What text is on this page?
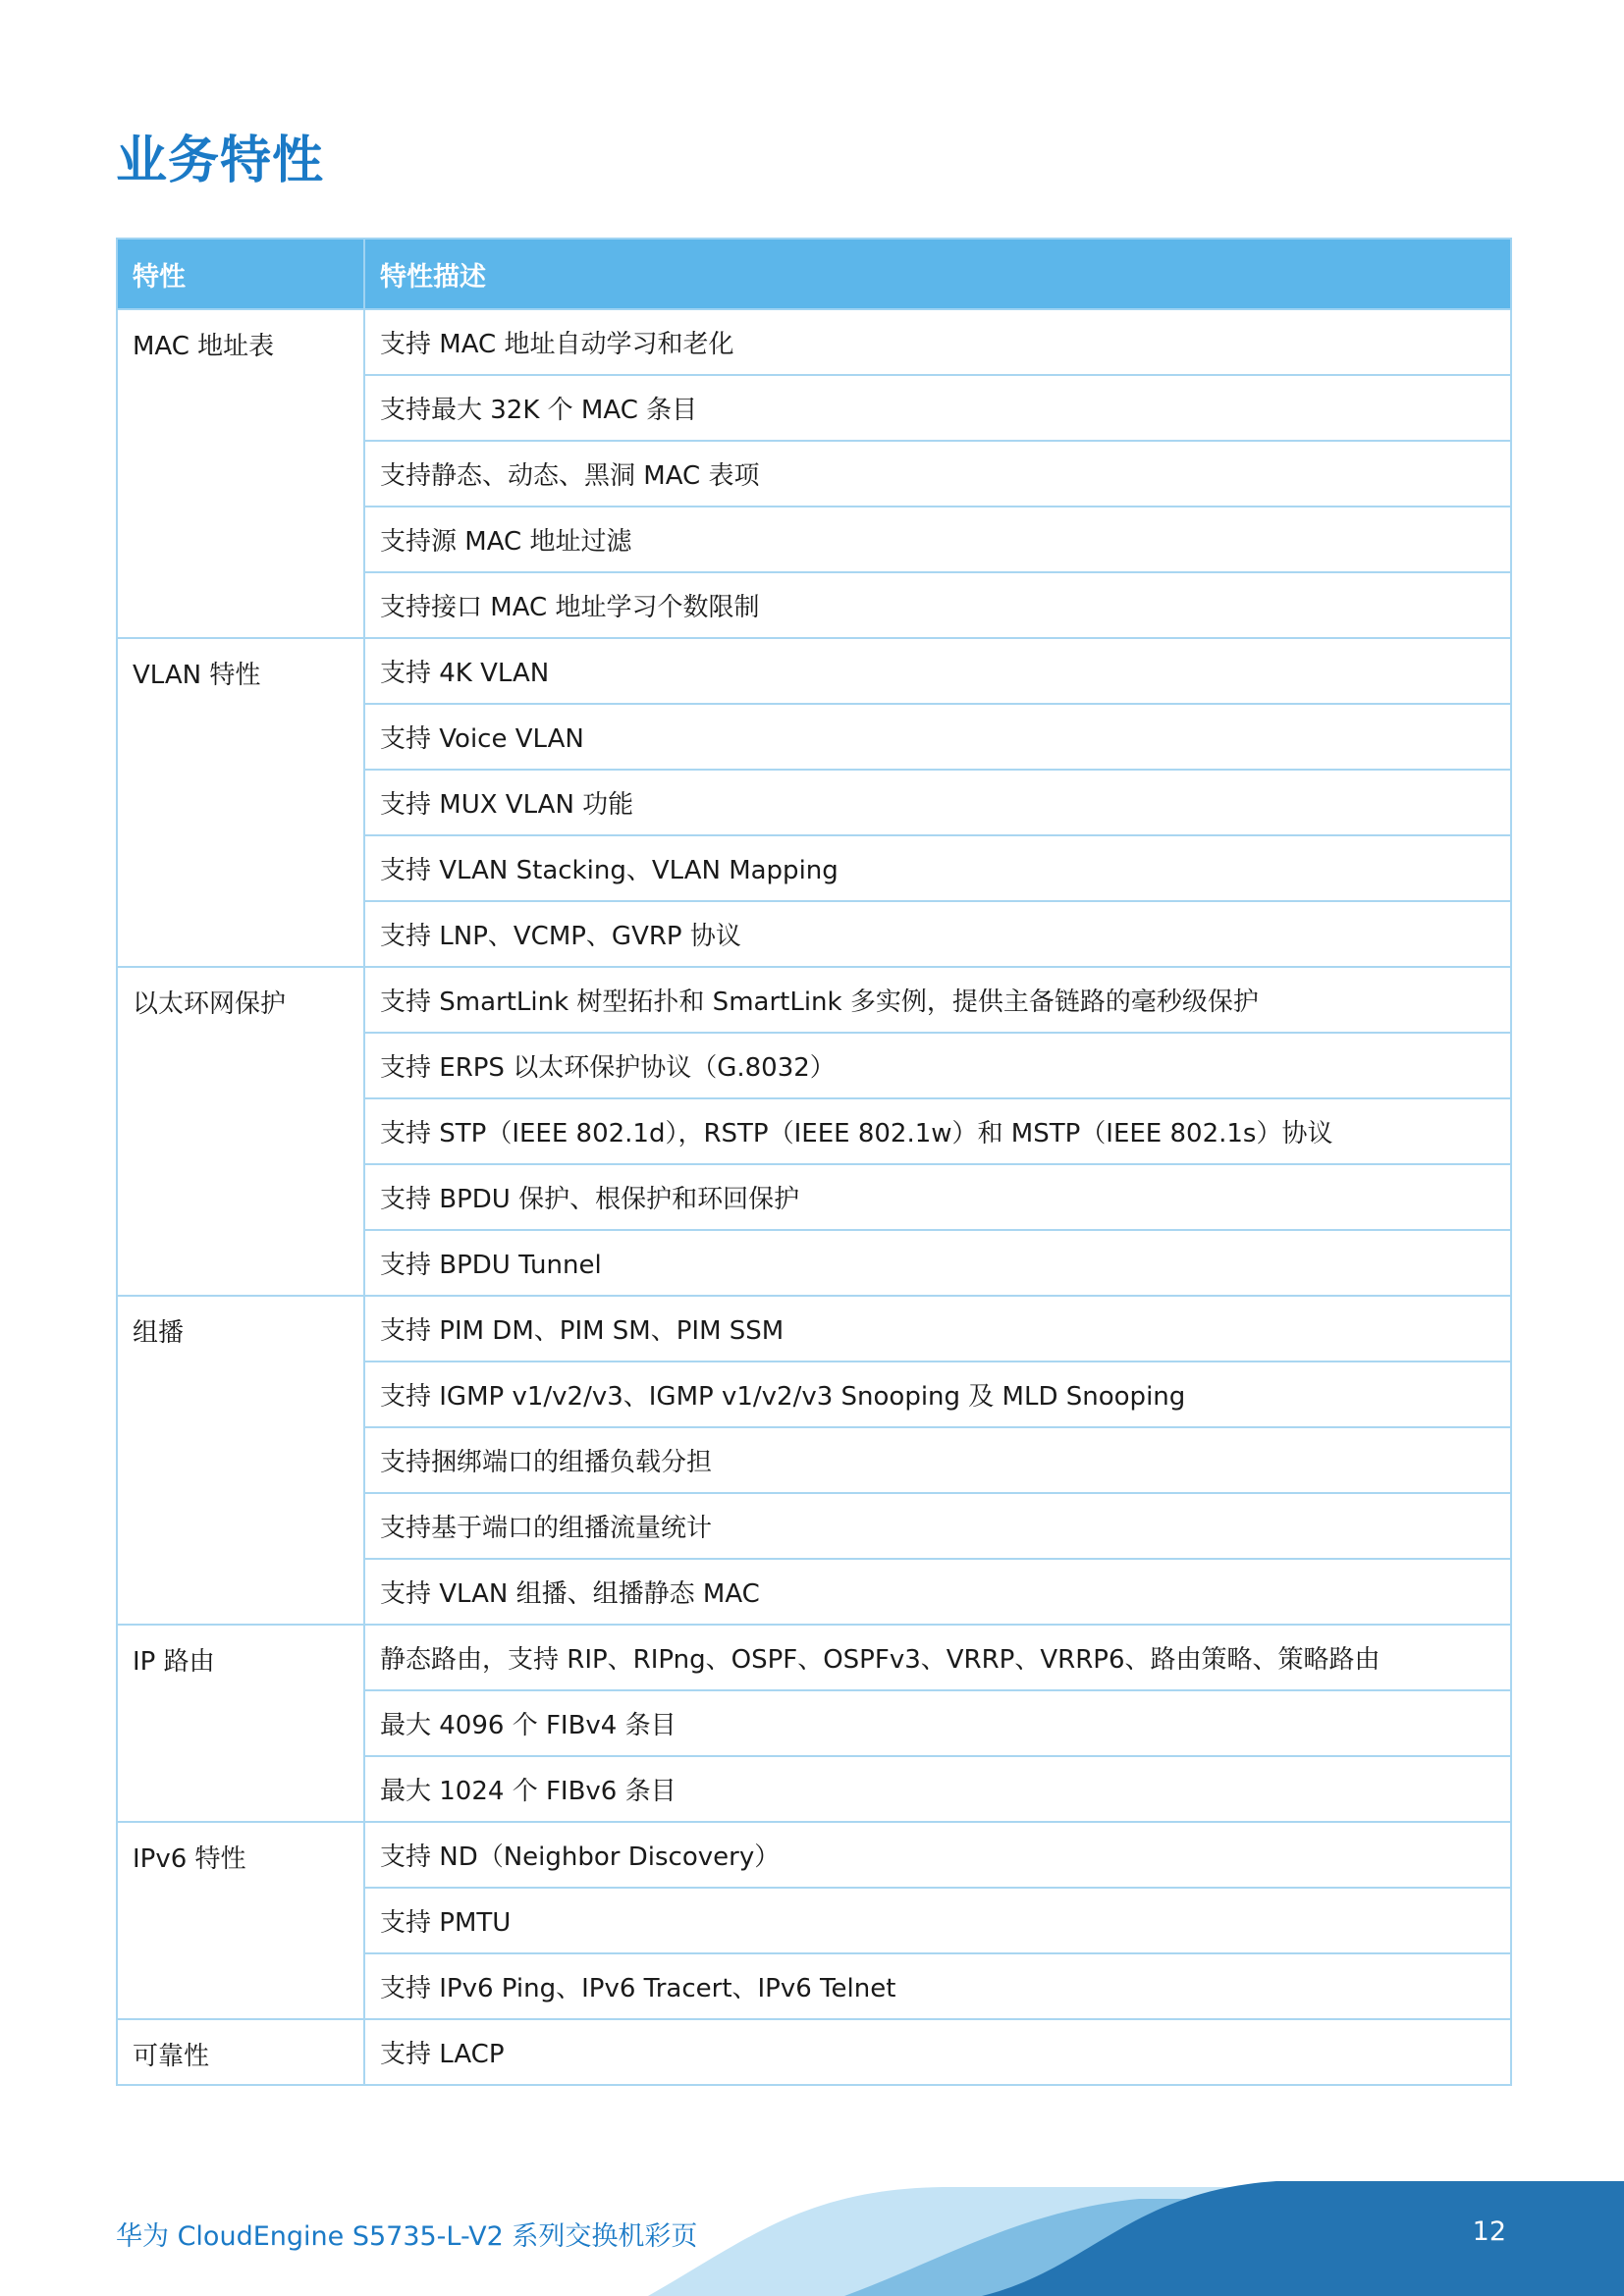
业务特性
特性	特性描述
MAC 地址表	支持 MAC 地址自动学习和老化
	支持最大 32K 个 MAC 条目
	支持静态、动态、黑洞 MAC 表项
	支持源 MAC 地址过滤
	支持接口 MAC 地址学习个数限制
VLAN 特性	支持 4K VLAN
	支持 Voice VLAN
	支持 MUX VLAN 功能
	支持 VLAN Stacking、VLAN Mapping
	支持 LNP、VCMP、GVRP 协议
以太环网保护	支持 SmartLink 树型拓扑和 SmartLink 多实例，提供主备链路的毫秒级保护
	支持 ERPS 以太环保护协议（G.8032）
	支持 STP（IEEE 802.1d），RSTP（IEEE 802.1w）和 MSTP（IEEE 802.1s）协议
	支持 BPDU 保护、根保护和环回保护
	支持 BPDU Tunnel
组播	支持 PIM DM、PIM SM、PIM SSM
	支持 IGMP v1/v2/v3、IGMP v1/v2/v3 Snooping 及 MLD Snooping
	支持捆绑端口的组播负载分担
	支持基于端口的组播流量统计
	支持 VLAN 组播、组播静态 MAC
IP 路由	静态路由，支持 RIP、RIPng、OSPF、OSPFv3、VRRP、VRRP6、路由策略、策略路由
	最大 4096 个 FIBv4 条目
	最大 1024 个 FIBv6 条目
IPv6 特性	支持 ND（Neighbor Discovery）
	支持 PMTU
	支持 IPv6 Ping、IPv6 Tracert、IPv6 Telnet
可靠性	支持 LACP
华为 CloudEngine S5735-L-V2 系列交换机彩页	12
